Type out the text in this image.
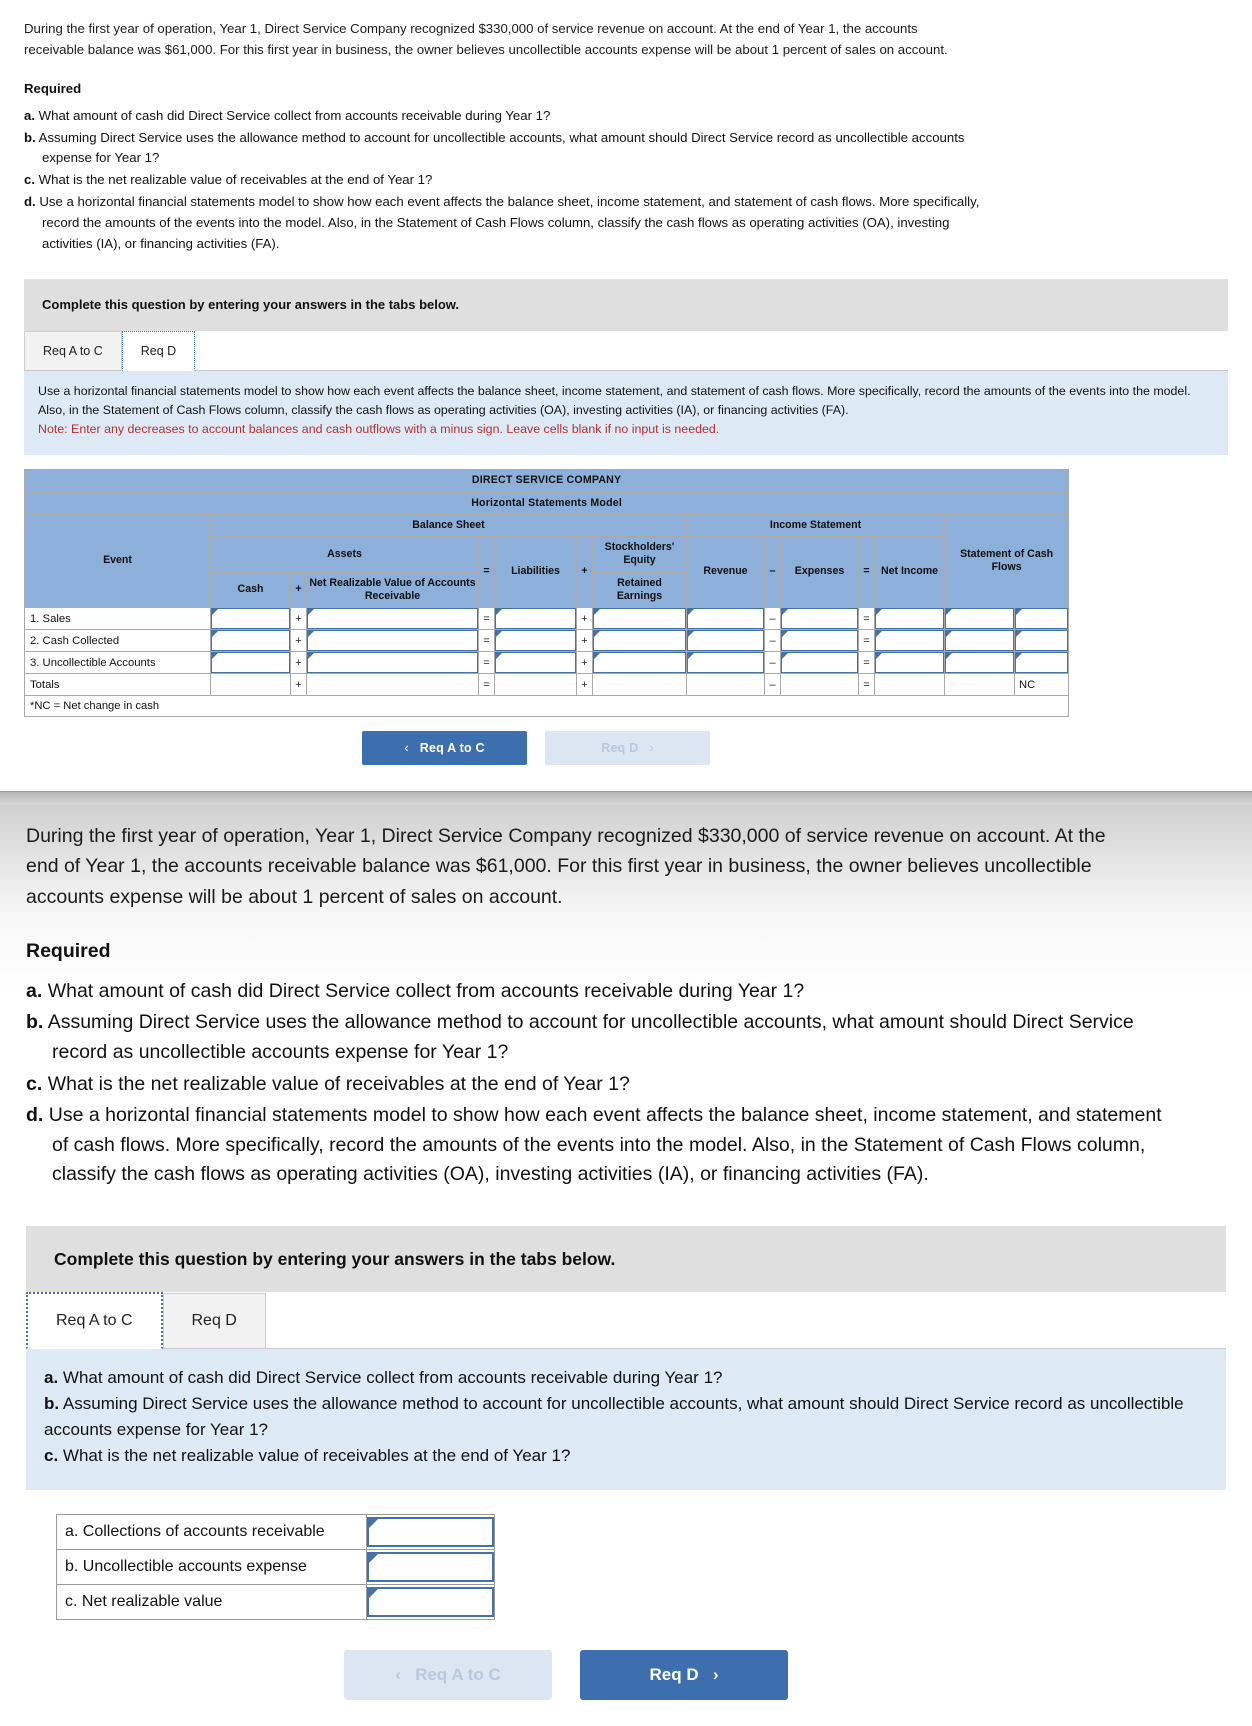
During the first year of operation, Year 1, Direct Service Company recognized $330,000 of service revenue on account. At the end of Year 1, the accounts receivable balance was $61,000. For this first year in business, the owner believes uncollectible accounts expense will be about 1 percent of sales on account.
Required
a. What amount of cash did Direct Service collect from accounts receivable during Year 1?
b. Assuming Direct Service uses the allowance method to account for uncollectible accounts, what amount should Direct Service record as uncollectible accounts expense for Year 1?
c. What is the net realizable value of receivables at the end of Year 1?
d. Use a horizontal financial statements model to show how each event affects the balance sheet, income statement, and statement of cash flows. More specifically, record the amounts of the events into the model. Also, in the Statement of Cash Flows column, classify the cash flows as operating activities (OA), investing activities (IA), or financing activities (FA).
Complete this question by entering your answers in the tabs below.
Req A to C	Req D
Use a horizontal financial statements model to show how each event affects the balance sheet, income statement, and statement of cash flows. More specifically, record the amounts of the events into the model. Also, in the Statement of Cash Flows column, classify the cash flows as operating activities (OA), investing activities (IA), or financing activities (FA).
Note: Enter any decreases to account balances and cash outflows with a minus sign. Leave cells blank if no input is needed.
DIRECT SERVICE COMPANY														
Horizontal Statements Model														
Event	Balance Sheet							Income Statement					Statement of Cash Flows	
	Assets			=	Liabilities	+	Stockholders' Equity	Revenue	–	Expenses	=	Net Income		
	Cash	+	Net Realizable Value of Accounts Receivable				Retained Earnings							
1. Sales		+		=		+			–		=	

2. Cash Collected		+		=		+			–		=	

3. Uncollectible Accounts		+		=		+			–		=	

Totals		+		=		+			–		=			NC
*NC = Net change in cash														
‹ Req A to C	Req D ›
During the first year of operation, Year 1, Direct Service Company recognized $330,000 of service revenue on account. At the end of Year 1, the accounts receivable balance was $61,000. For this first year in business, the owner believes uncollectible accounts expense will be about 1 percent of sales on account.
Required
a. What amount of cash did Direct Service collect from accounts receivable during Year 1?
b. Assuming Direct Service uses the allowance method to account for uncollectible accounts, what amount should Direct Service record as uncollectible accounts expense for Year 1?
c. What is the net realizable value of receivables at the end of Year 1?
d. Use a horizontal financial statements model to show how each event affects the balance sheet, income statement, and statement of cash flows. More specifically, record the amounts of the events into the model. Also, in the Statement of Cash Flows column, classify the cash flows as operating activities (OA), investing activities (IA), or financing activities (FA).
Complete this question by entering your answers in the tabs below.
Req A to C	Req D

a. What amount of cash did Direct Service collect from accounts receivable during Year 1?

b. Assuming Direct Service uses the allowance method to account for uncollectible accounts, what amount should Direct Service record as uncollectible accounts expense for Year 1?

c. What is the net realizable value of receivables at the end of Year 1?

a. Collections of accounts receivable	

b. Uncollectible accounts expense	

c. Net realizable value	
‹ Req A to C	Req D ›
